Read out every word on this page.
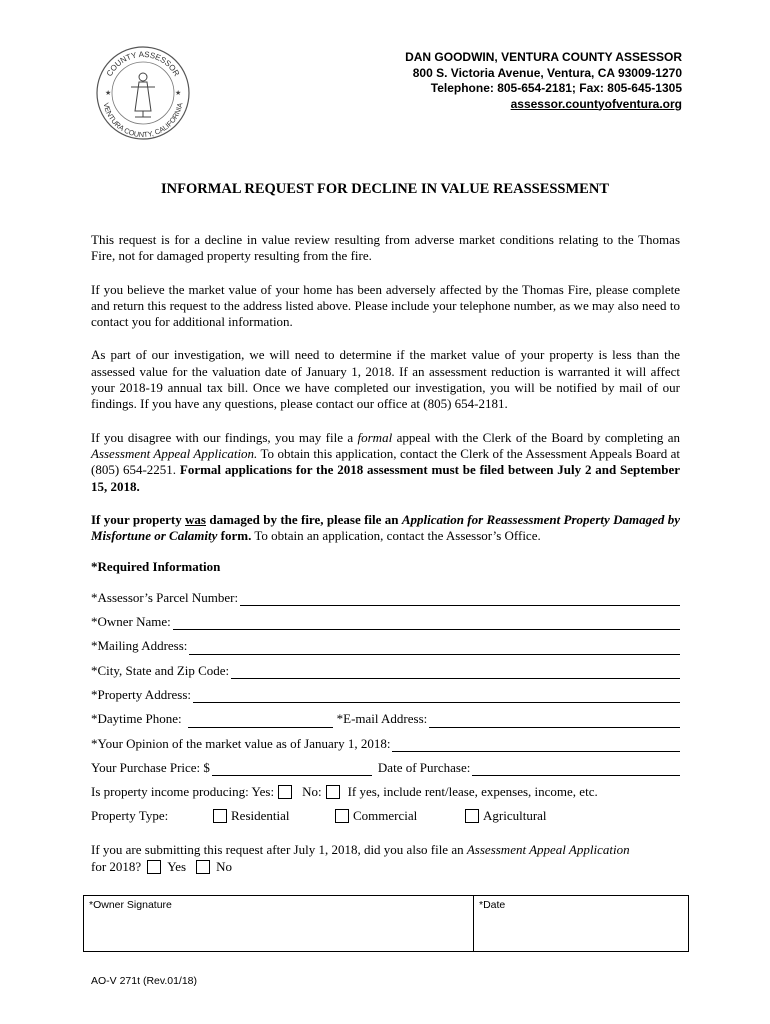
COUNTY ASSESSOR
VENTURA COUNTY, CALIFORNIA
★	★
DAN GOODWIN, VENTURA COUNTY ASSESSOR
800 S. Victoria Avenue, Ventura, CA 93009-1270
Telephone: 805-654-2181; Fax: 805-645-1305
assessor.countyofventura.org
INFORMAL REQUEST FOR DECLINE IN VALUE REASSESSMENT

This request is for a decline in value review resulting from adverse market conditions relating to the Thomas Fire, not for damaged property resulting from the fire.

If you believe the market value of your home has been adversely affected by the Thomas Fire, please complete and return this request to the address listed above. Please include your telephone number, as we may also need to contact you for additional information.

As part of our investigation, we will need to determine if the market value of your property is less than the assessed value for the valuation date of January 1, 2018. If an assessment reduction is warranted it will affect your 2018-19 annual tax bill. Once we have completed our investigation, you will be notified by mail of our findings. If you have any questions, please contact our office at (805) 654-2181.

If you disagree with our findings, you may file a formal appeal with the Clerk of the Board by completing an Assessment Appeal Application. To obtain this application, contact the Clerk of the Assessment Appeals Board at (805) 654-2251. Formal applications for the 2018 assessment must be filed between July 2 and September 15, 2018.

If your property was damaged by the fire, please file an Application for Reassessment Property Damaged by Misfortune or Calamity form. To obtain an application, contact the Assessor’s Office.

*Required Information
*Assessor’s Parcel Number:
*Owner Name:
*Mailing Address:
*City, State and Zip Code:
*Property Address:
*Daytime Phone:	*E-mail Address:
*Your Opinion of the market value as of January 1, 2018:
Your Purchase Price: $	Date of Purchase:
Is property income producing: Yes: No: If yes, include rent/lease, expenses, income, etc.
Property Type:	Residential	Commercial	Agricultural
If you are submitting this request after July 1, 2018, did you also file an Assessment Appeal Application
for 2018? Yes No
*Owner Signature	*Date
AO-V 271t (Rev.01/18)
